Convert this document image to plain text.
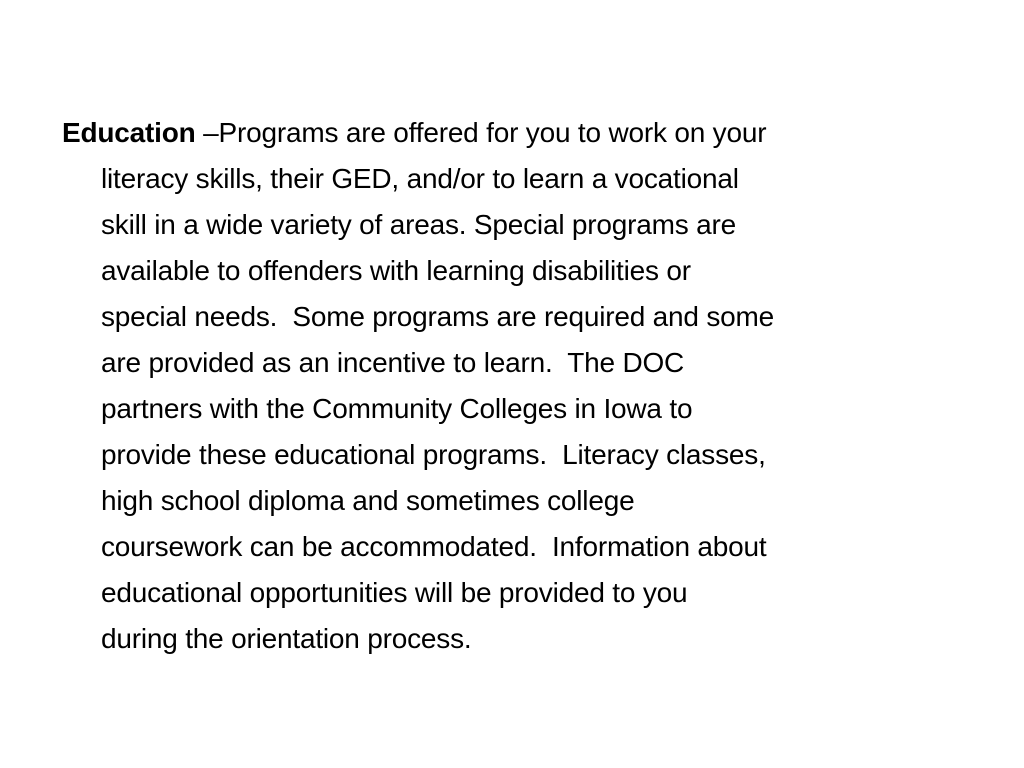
Education –Programs are offered for you to work on your
literacy skills, their GED, and/or to learn a vocational
skill in a wide variety of areas. Special programs are
available to offenders with learning disabilities or
special needs.  Some programs are required and some
are provided as an incentive to learn.  The DOC
partners with the Community Colleges in Iowa to
provide these educational programs.  Literacy classes,
high school diploma and sometimes college
coursework can be accommodated.  Information about
educational opportunities will be provided to you
during the orientation process.
